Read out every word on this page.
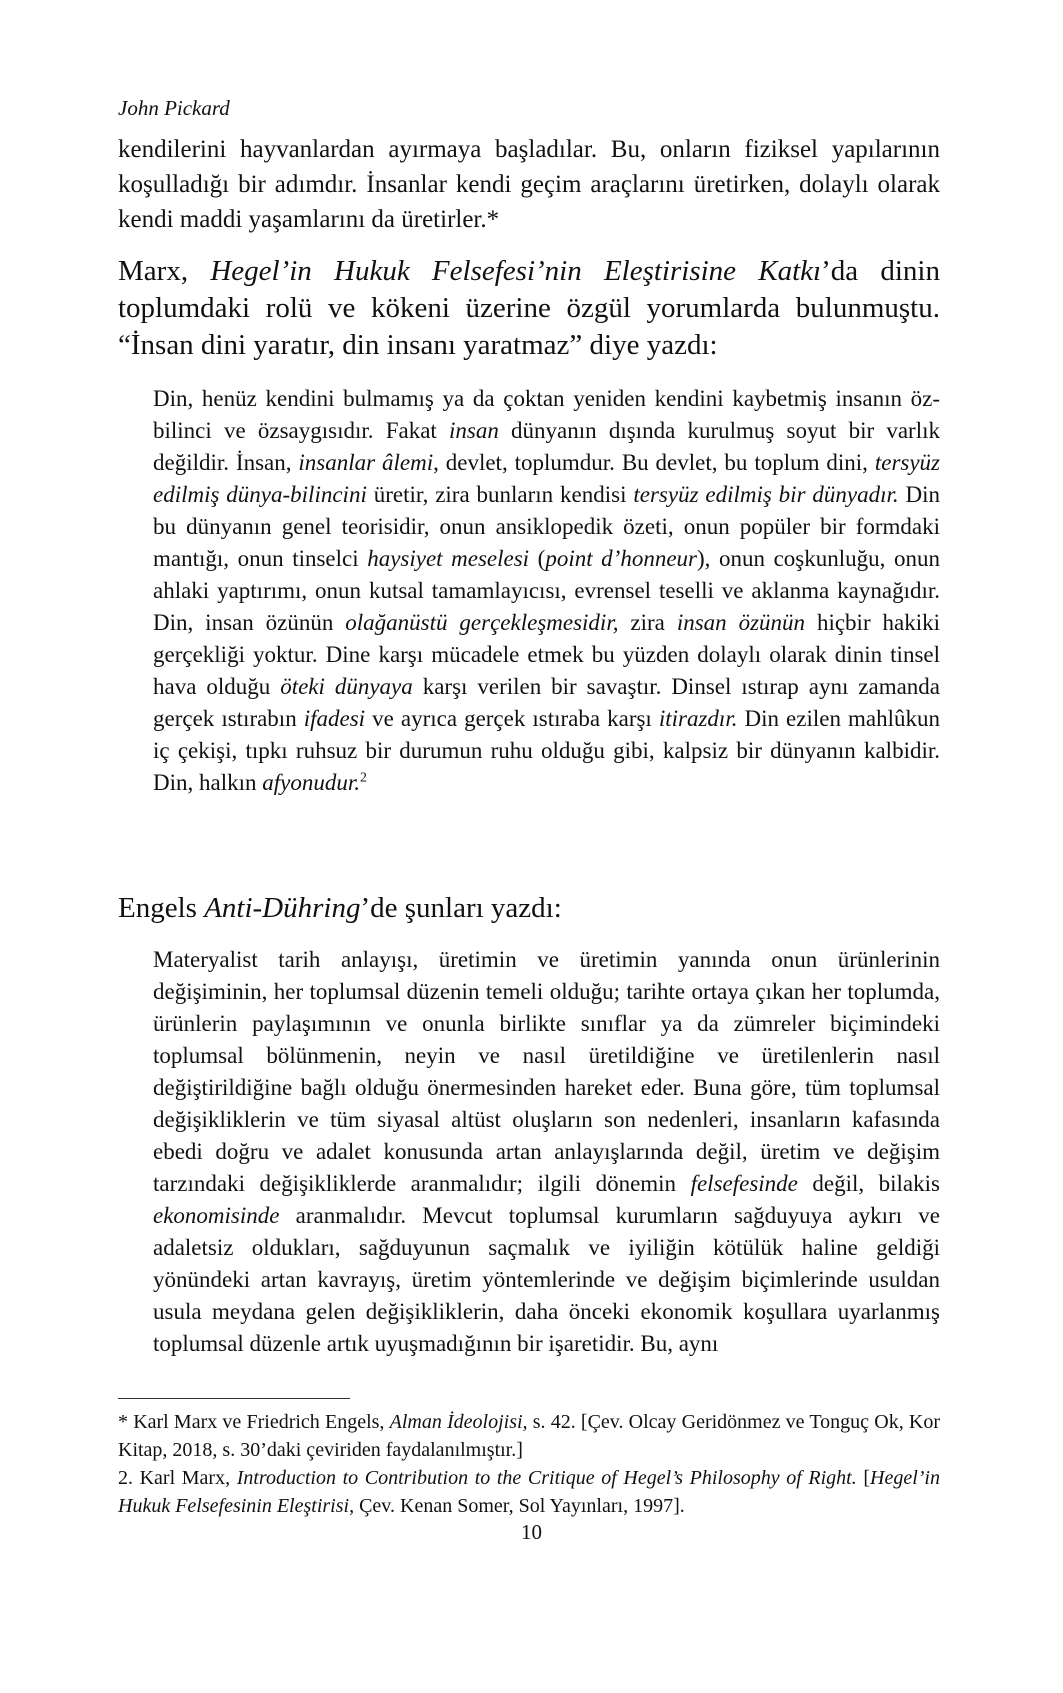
John Pickard

kendilerini hayvanlardan ayırmaya başladılar. Bu, onların fiziksel yapılarının koşulladığı bir adımdır. İnsanlar kendi geçim araçlarını üretirken, dolaylı olarak kendi maddi yaşamlarını da üretirler.*

Marx, Hegel’in Hukuk Felsefesi’nin Eleştirisine Katkı’da dinin toplumdaki rolü ve kökeni üzerine özgül yorumlarda bulunmuştu. “İnsan dini yaratır, din insanı yaratmaz” diye yazdı:

Din, henüz kendini bulmamış ya da çoktan yeniden kendini kaybetmiş insanın öz-bilinci ve özsaygısıdır. Fakat insan dünyanın dışında kurulmuş soyut bir varlık değildir. İnsan, insanlar âlemi, devlet, toplumdur. Bu devlet, bu toplum dini, tersyüz edilmiş dünya-bilincini üretir, zira bunların kendisi tersyüz edilmiş bir dünyadır. Din bu dünyanın genel teorisidir, onun ansiklopedik özeti, onun popüler bir formdaki mantığı, onun tinselci haysiyet meselesi (point d’honneur), onun coşkunluğu, onun ahlaki yaptırımı, onun kutsal tamamlayıcısı, evrensel teselli ve aklanma kaynağıdır. Din, insan özünün olağanüstü gerçekleşmesidir, zira insan özünün hiçbir hakiki gerçekliği yoktur. Dine karşı mücadele etmek bu yüzden dolaylı olarak dinin tinsel hava olduğu öteki dünyaya karşı verilen bir savaştır. Dinsel ıstırap aynı zamanda gerçek ıstırabın ifadesi ve ayrıca gerçek ıstıraba karşı itirazdır. Din ezilen mahlûkun iç çekişi, tıpkı ruhsuz bir durumun ruhu olduğu gibi, kalpsiz bir dünyanın kalbidir. Din, halkın afyonudur.$^2$

Engels Anti-Dühring’de şunları yazdı:

Materyalist tarih anlayışı, üretimin ve üretimin yanında onun ürünlerinin değişiminin, her toplumsal düzenin temeli olduğu; tarihte ortaya çıkan her toplumda, ürünlerin paylaşımının ve onunla birlikte sınıflar ya da zümreler biçimindeki toplumsal bölünmenin, neyin ve nasıl üretildiğine ve üretilenlerin nasıl değiştirildiğine bağlı olduğu önermesinden hareket eder. Buna göre, tüm toplumsal değişikliklerin ve tüm siyasal altüst oluşların son nedenleri, insanların kafasında ebedi doğru ve adalet konusunda artan anlayışlarında değil, üretim ve değişim tarzındaki değişikliklerde aranmalıdır; ilgili dönemin felsefesinde değil, bilakis ekonomisinde aranmalıdır. Mevcut toplumsal kurumların sağduyuya aykırı ve adaletsiz oldukları, sağduyunun saçmalık ve iyiliğin kötülük haline geldiği yönündeki artan kavrayış, üretim yöntemlerinde ve değişim biçimlerinde usuldan usula meydana gelen değişikliklerin, daha önceki ekonomik koşullara uyarlanmış toplumsal düzenle artık uyuşmadığının bir işaretidir. Bu, aynı

* Karl Marx ve Friedrich Engels, Alman İdeolojisi, s. 42. [Çev. Olcay Geridönmez ve Tonguç Ok, Kor Kitap, 2018, s. 30’daki çeviriden faydalanılmıştır.]

2. Karl Marx, Introduction to Contribution to the Critique of Hegel’s Philosophy of Right. [Hegel’in Hukuk Felsefesinin Eleştirisi, Çev. Kenan Somer, Sol Yayınları, 1997].

10
